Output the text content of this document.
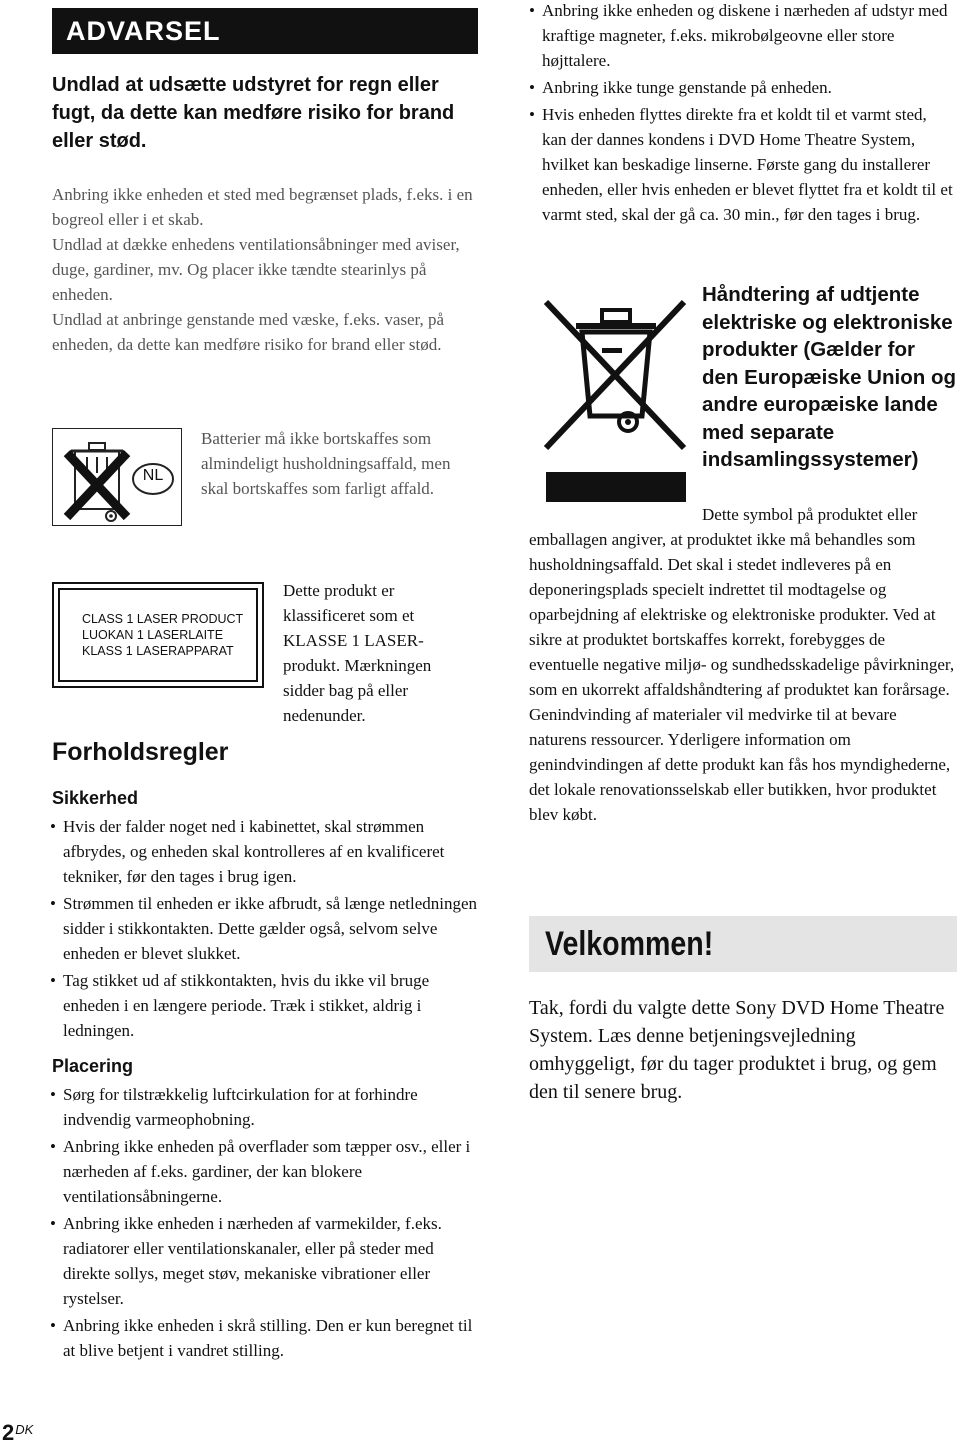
ADVARSEL
Undlad at udsætte udstyret for regn eller fugt, da dette kan medføre risiko for brand eller stød.

Anbring ikke enheden et sted med begrænset plads, f.eks. i en bogreol eller i et skab.

Undlad at dække enhedens ventilationsåbninger med aviser, duge, gardiner, mv. Og placer ikke tændte stearinlys på enheden.

Undlad at anbringe genstande med væske, f.eks. vaser, på enheden, da dette kan medføre risiko for brand eller stød.

NL
Batterier må ikke bortskaffes som almindeligt husholdningsaffald, men skal bortskaffes som farligt affald.
CLASS 1 LASER PRODUCT
LUOKAN 1 LASERLAITE
KLASS 1 LASERAPPARAT
Dette produkt er klassificeret som et KLASSE 1 LASER-produkt. Mærkningen sidder bag på eller nedenunder.
Forholdsregler
Sikkerhed

• Hvis der falder noget ned i kabinettet, skal strømmen afbrydes, og enheden skal kontrolleres af en kvalificeret tekniker, før den tages i brug igen.

• Strømmen til enheden er ikke afbrudt, så længe netledningen sidder i stikkontakten. Dette gælder også, selvom selve enheden er blevet slukket.

• Tag stikket ud af stikkontakten, hvis du ikke vil bruge enheden i en længere periode. Træk i stikket, aldrig i ledningen.

Placering

• Sørg for tilstrækkelig luftcirkulation for at forhindre indvendig varmeophobning.

• Anbring ikke enheden på overflader som tæpper osv., eller i nærheden af f.eks. gardiner, der kan blokere ventilationsåbningerne.

• Anbring ikke enheden i nærheden af varmekilder, f.eks. radiatorer eller ventilationskanaler, eller på steder med direkte sollys, meget støv, mekaniske vibrationer eller rystelser.

• Anbring ikke enheden i skrå stilling. Den er kun beregnet til at blive betjent i vandret stilling.

• Anbring ikke enheden og diskene i nærheden af udstyr med kraftige magneter, f.eks. mikrobølgeovne eller store højttalere.

• Anbring ikke tunge genstande på enheden.

• Hvis enheden flyttes direkte fra et koldt til et varmt sted, kan der dannes kondens i DVD Home Theatre System, hvilket kan beskadige linserne. Første gang du installerer enheden, eller hvis enheden er blevet flyttet fra et koldt til et varmt sted, skal der gå ca. 30 min., før den tages i brug.

Håndtering af udtjente elektriske og elektroniske produkter (Gælder for den Europæiske Union og andre europæiske lande med separate indsamlingssystemer)
Dette symbol på produktet eller
emballagen angiver, at produktet ikke må behandles som husholdningsaffald. Det skal i stedet indleveres på en deponeringsplads specielt indrettet til modtagelse og oparbejdning af elektriske og elektroniske produkter. Ved at sikre at produktet bortskaffes korrekt, forebygges de eventuelle negative miljø- og sundhedsskadelige påvirkninger, som en ukorrekt affaldshåndtering af produktet kan forårsage. Genindvinding af materialer vil medvirke til at bevare naturens ressourcer. Yderligere information om genindvindingen af dette produkt kan fås hos myndighederne, det lokale renovationsselskab eller butikken, hvor produktet blev købt.
Velkommen!
Tak, fordi du valgte dette Sony DVD Home Theatre System. Læs denne betjeningsvejledning omhyggeligt, før du tager produktet i brug, og gem den til senere brug.
$2^{DK}$
